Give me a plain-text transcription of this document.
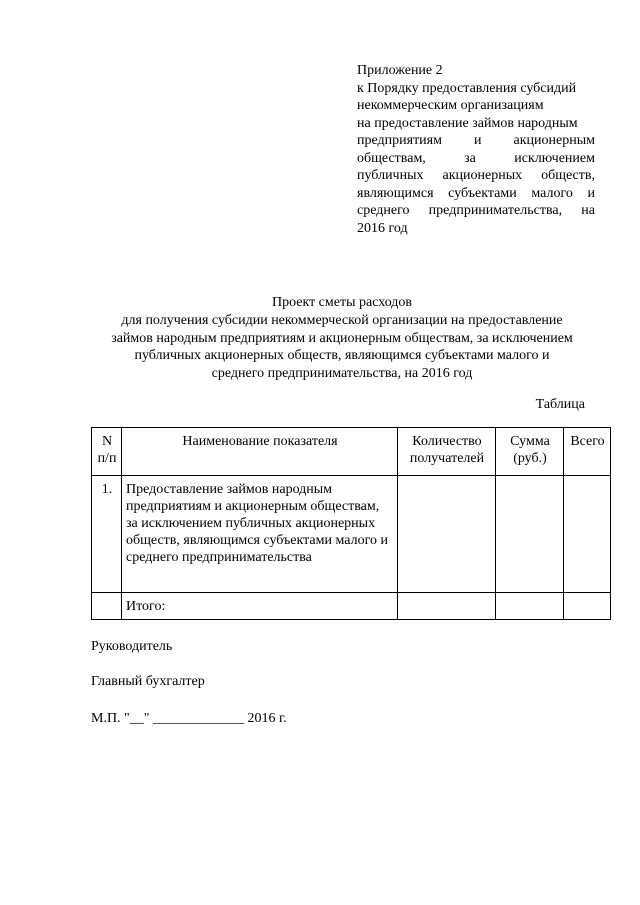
Приложение 2
к Порядку предоставления субсидий
некоммерческим организациям
на предоставление займов народным
предприятиям и акционерным
обществам, за исключением
публичных акционерных обществ,
являющимся субъектами малого и
среднего предпринимательства, на
2016 год
Проект сметы расходов
для получения субсидии некоммерческой организации на предоставление
займов народным предприятиям и акционерным обществам, за исключением
публичных акционерных обществ, являющимся субъектами малого и
среднего предпринимательства, на 2016 год
Таблица
N п/п	Наименование показателя	Количество получателей	Сумма (руб.)	Всего
1.	Предоставление займов народным предприятиям и акционерным обществам, за исключением публичных акционерных обществ, являющимся субъектами малого и среднего предпринимательства			
	Итого:			
Руководитель
Главный бухгалтер
М.П. "__" _____________ 2016 г.
